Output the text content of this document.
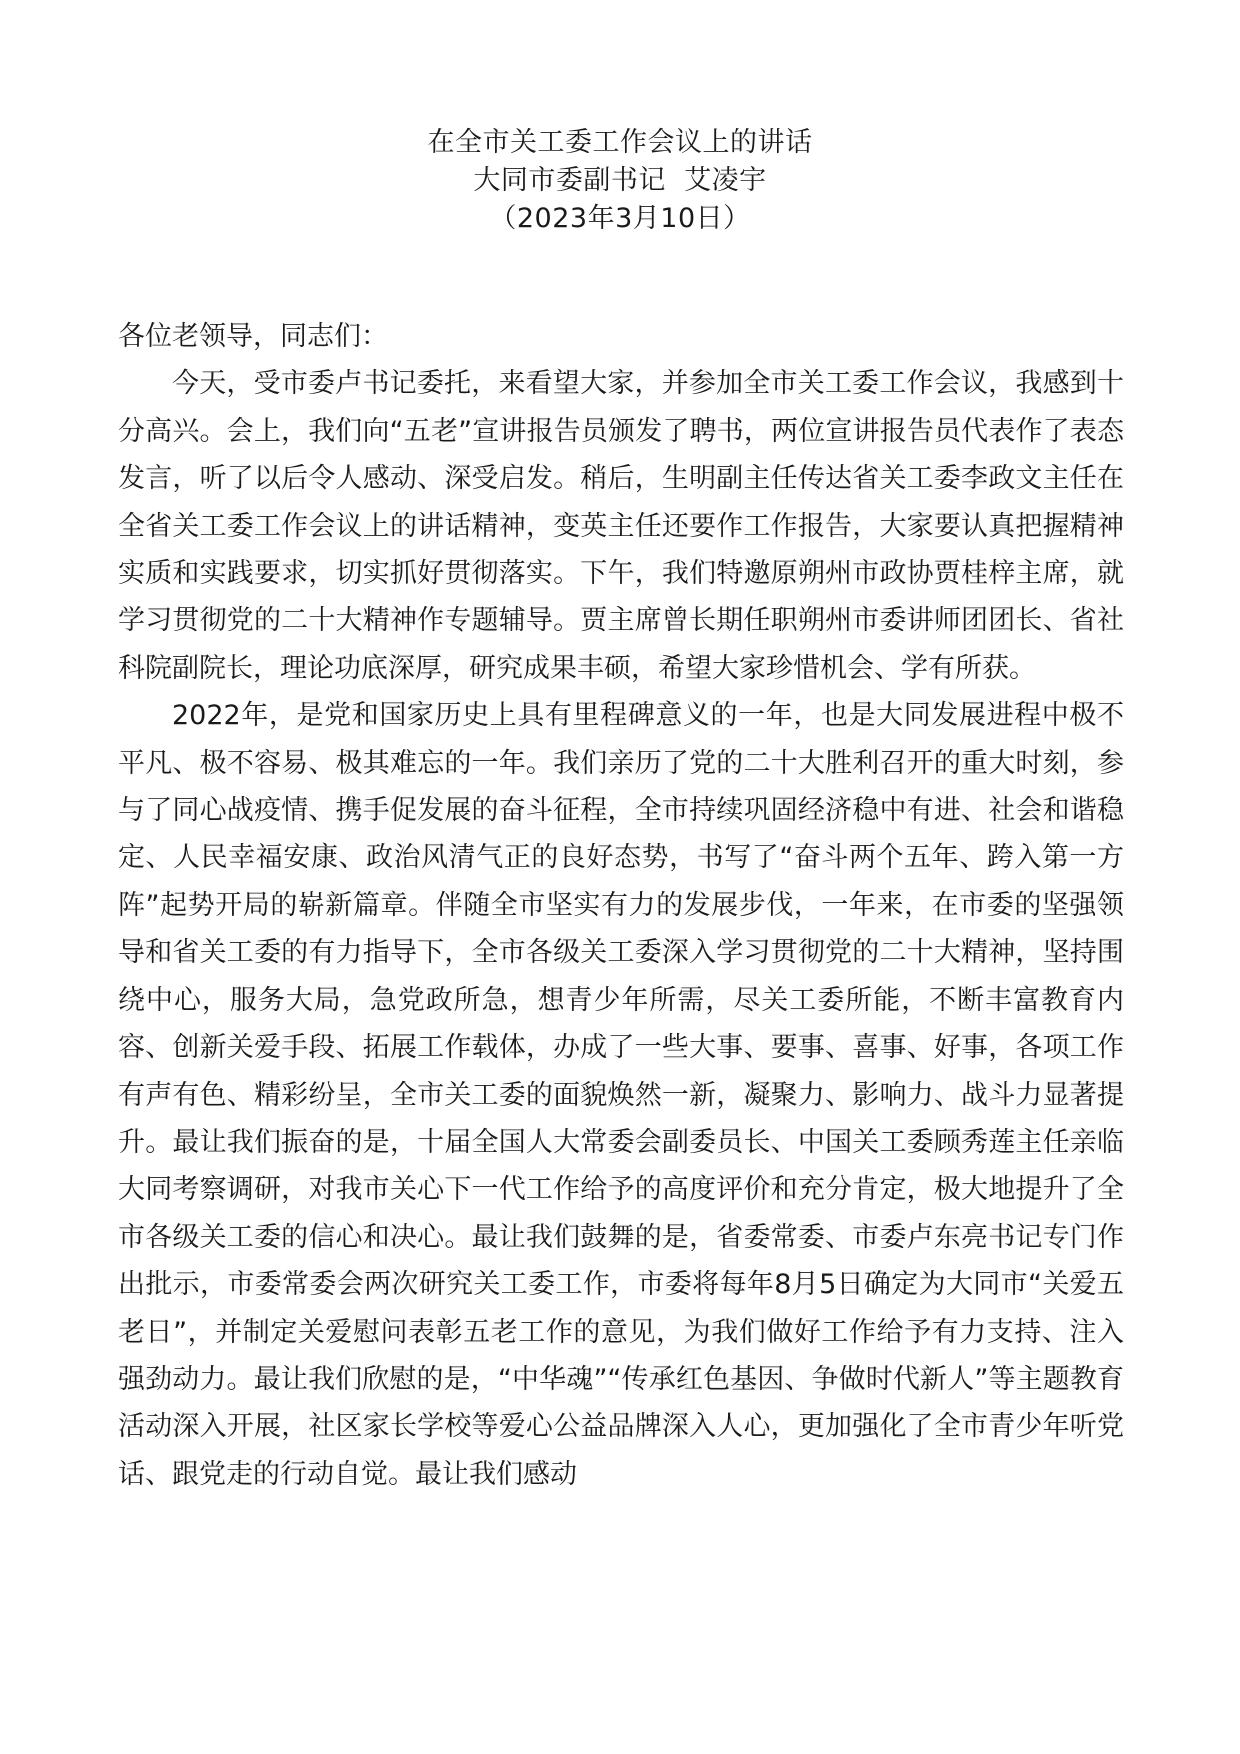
在全市关工委工作会议上的讲话
大同市委副书记  艾凌宇
（2023年3月10日）

各位老领导，同志们：

今天，受市委卢书记委托，来看望大家，并参加全市关工委工作会议，我感到十分高兴。会上，我们向“五老”宣讲报告员颁发了聘书，两位宣讲报告员代表作了表态发言，听了以后令人感动、深受启发。稍后，生明副主任传达省关工委李政文主任在全省关工委工作会议上的讲话精神，变英主任还要作工作报告，大家要认真把握精神实质和实践要求，切实抓好贯彻落实。下午，我们特邀原朔州市政协贾桂梓主席，就学习贯彻党的二十大精神作专题辅导。贾主席曾长期任职朔州市委讲师团团长、省社科院副院长，理论功底深厚，研究成果丰硕，希望大家珍惜机会、学有所获。

2022年，是党和国家历史上具有里程碑意义的一年，也是大同发展进程中极不平凡、极不容易、极其难忘的一年。我们亲历了党的二十大胜利召开的重大时刻，参与了同心战疫情、携手促发展的奋斗征程，全市持续巩固经济稳中有进、社会和谐稳定、人民幸福安康、政治风清气正的良好态势，书写了“奋斗两个五年、跨入第一方阵”起势开局的崭新篇章。伴随全市坚实有力的发展步伐，一年来，在市委的坚强领导和省关工委的有力指导下，全市各级关工委深入学习贯彻党的二十大精神，坚持围绕中心，服务大局，急党政所急，想青少年所需，尽关工委所能，不断丰富教育内容、创新关爱手段、拓展工作载体，办成了一些大事、要事、喜事、好事，各项工作有声有色、精彩纷呈，全市关工委的面貌焕然一新，凝聚力、影响力、战斗力显著提升。最让我们振奋的是，十届全国人大常委会副委员长、中国关工委顾秀莲主任亲临大同考察调研，对我市关心下一代工作给予的高度评价和充分肯定，极大地提升了全市各级关工委的信心和决心。最让我们鼓舞的是，省委常委、市委卢东亮书记专门作出批示，市委常委会两次研究关工委工作，市委将每年8月5日确定为大同市“关爱五老日”，并制定关爱慰问表彰五老工作的意见，为我们做好工作给予有力支持、注入强劲动力。最让我们欣慰的是，“中华魂”“传承红色基因、争做时代新人”等主题教育活动深入开展，社区家长学校等爱心公益品牌深入人心，更加强化了全市青少年听党话、跟党走的行动自觉。最让我们感动
